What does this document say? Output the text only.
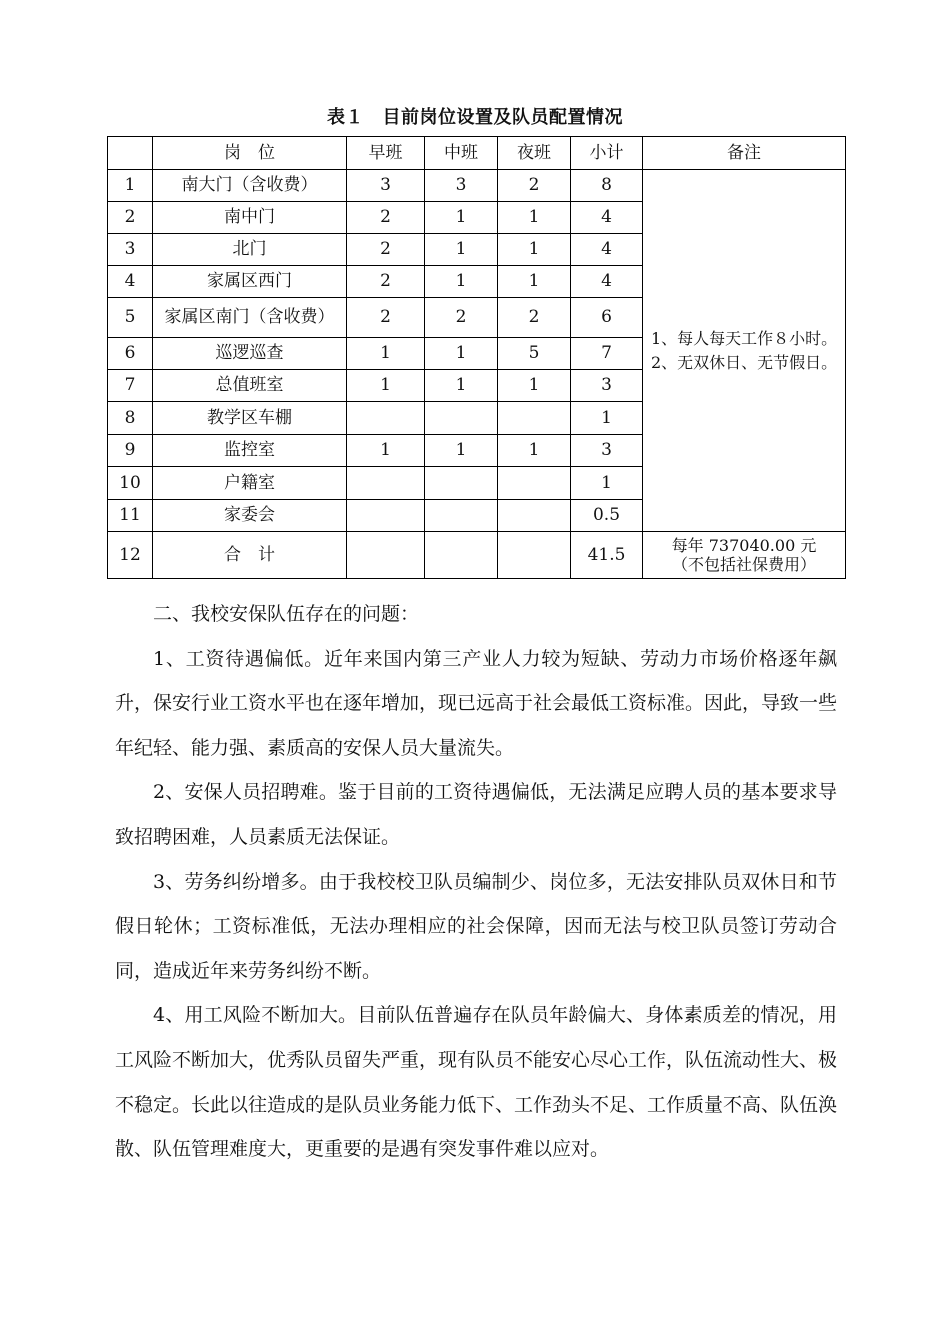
表１　目前岗位设置及队员配置情况
	岗　位	早班	中班	夜班	小计	备注
1	南大门（含收费）	3	3	2	8	1、每人每天工作８小时。
2、无双休日、无节假日。

2	南中门	2	1	1	4	
3	北门	2	1	1	4	
4	家属区西门	2	1	1	4	
5	家属区南门（含收费）	2	2	2	6	
6	巡逻巡查	1	1	5	7	
7	总值班室	1	1	1	3	
8	教学区车棚				1	
9	监控室	1	1	1	3	
10	户籍室				1	
11	家委会				0.5	
12	合　计				41.5	每年 737040.00 元
（不包括社保费用）

二、我校安保队伍存在的问题：

1、工资待遇偏低。近年来国内第三产业人力较为短缺、劳动力市场价格逐年飙升，保安行业工资水平也在逐年增加，现已远高于社会最低工资标准。因此，导致一些年纪轻、能力强、素质高的安保人员大量流失。

2、安保人员招聘难。鉴于目前的工资待遇偏低，无法满足应聘人员的基本要求导致招聘困难，人员素质无法保证。

3、劳务纠纷增多。由于我校校卫队员编制少、岗位多，无法安排队员双休日和节假日轮休；工资标准低，无法办理相应的社会保障，因而无法与校卫队员签订劳动合同，造成近年来劳务纠纷不断。

4、用工风险不断加大。目前队伍普遍存在队员年龄偏大、身体素质差的情况，用工风险不断加大，优秀队员留失严重，现有队员不能安心尽心工作，队伍流动性大、极不稳定。长此以往造成的是队员业务能力低下、工作劲头不足、工作质量不高、队伍涣散、队伍管理难度大，更重要的是遇有突发事件难以应对。
